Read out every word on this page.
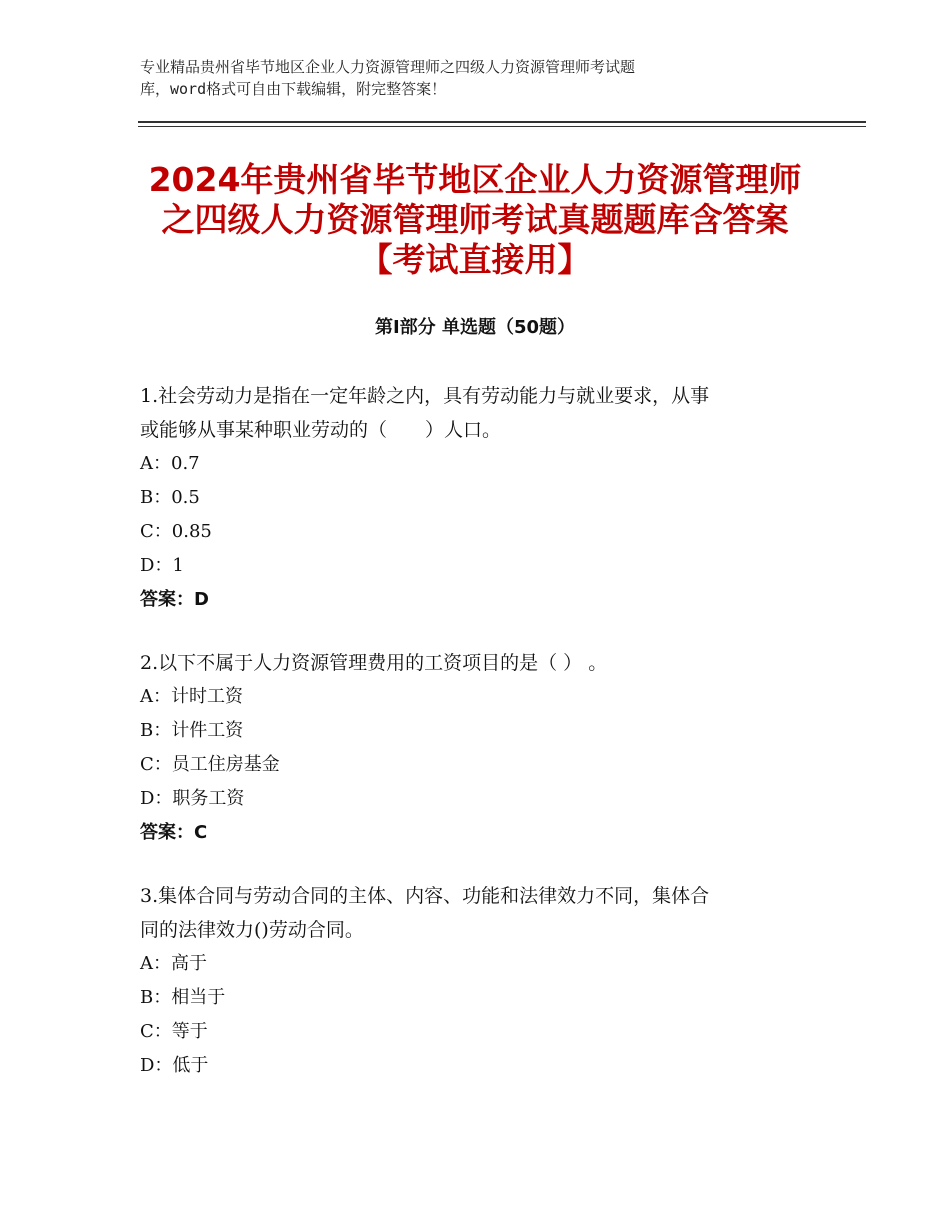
专业精品贵州省毕节地区企业人力资源管理师之四级人力资源管理师考试题
库，word格式可自由下载编辑，附完整答案！
2024年贵州省毕节地区企业人力资源管理师
之四级人力资源管理师考试真题题库含答案
【考试直接用】
第Ⅰ部分 单选题（50题）
1.社会劳动力是指在一定年龄之内，具有劳动能力与就业要求，从事
或能够从事某种职业劳动的（　　）人口。
A：0.7
B：0.5
C：0.85
D：1
答案：D
2.以下不属于人力资源管理费用的工资项目的是（ ） 。
A：计时工资
B：计件工资
C：员工住房基金
D：职务工资
答案：C
3.集体合同与劳动合同的主体、内容、功能和法律效力不同，集体合
同的法律效力()劳动合同。
A：高于
B：相当于
C：等于
D：低于
